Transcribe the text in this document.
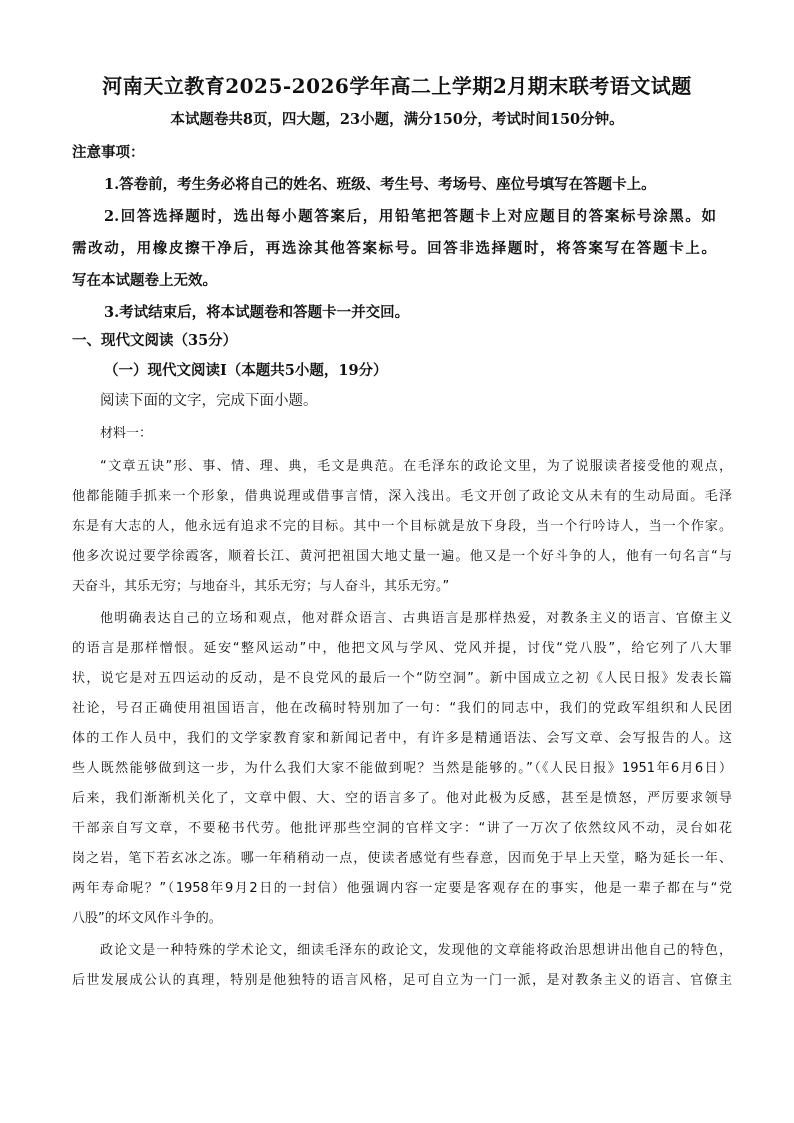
河南天立教育2025-2026学年高二上学期2月期末联考语文试题
本试题卷共8页，四大题，23小题，满分150分，考试时间150分钟。
注意事项：
1.答卷前，考生务必将自己的姓名、班级、考生号、考场号、座位号填写在答题卡上。
2.回答选择题时，选出每小题答案后，用铅笔把答题卡上对应题目的答案标号涂黑。如
需改动，用橡皮擦干净后，再选涂其他答案标号。回答非选择题时，将答案写在答题卡上。
写在本试题卷上无效。
3.考试结束后，将本试题卷和答题卡一并交回。
一、现代文阅读（35分）
（一）现代文阅读Ⅰ（本题共5小题，19分）
阅读下面的文字，完成下面小题。
材料一：
“文章五诀”形、事、情、理、典，毛文是典范。在毛泽东的政论文里，为了说服读者接受他的观点，
他都能随手抓来一个形象，借典说理或借事言情，深入浅出。毛文开创了政论文从未有的生动局面。毛泽
东是有大志的人，他永远有追求不完的目标。其中一个目标就是放下身段，当一个行吟诗人，当一个作家。
他多次说过要学徐霞客，顺着长江、黄河把祖国大地丈量一遍。他又是一个好斗争的人，他有一句名言“与
天奋斗，其乐无穷；与地奋斗，其乐无穷；与人奋斗，其乐无穷。”
他明确表达自己的立场和观点，他对群众语言、古典语言是那样热爱，对教条主义的语言、官僚主义
的语言是那样憎恨。延安“整风运动”中，他把文风与学风、党风并提，讨伐“党八股”，给它列了八大罪
状，说它是对五四运动的反动，是不良党风的最后一个“防空洞”。新中国成立之初《人民日报》发表长篇
社论，号召正确使用祖国语言，他在改稿时特别加了一句：“我们的同志中，我们的党政军组织和人民团
体的工作人员中，我们的文学家教育家和新闻记者中，有许多是精通语法、会写文章、会写报告的人。这
些人既然能够做到这一步，为什么我们大家不能做到呢？当然是能够的。”（《人民日报》1951年6月6日）
后来，我们渐渐机关化了，文章中假、大、空的语言多了。他对此极为反感，甚至是愤怒，严厉要求领导
干部亲自写文章，不要秘书代劳。他批评那些空洞的官样文字：“讲了一万次了依然纹风不动，灵台如花
岗之岩，笔下若玄冰之冻。哪一年稍稍动一点，使读者感觉有些春意，因而免于早上天堂，略为延长一年、
两年寿命呢？”（1958年9月2日的一封信）他强调内容一定要是客观存在的事实，他是一辈子都在与“党
八股”的坏文风作斗争的。
政论文是一种特殊的学术论文，细读毛泽东的政论文，发现他的文章能将政治思想讲出他自己的特色，
后世发展成公认的真理，特别是他独特的语言风格，足可自立为一门一派，是对教条主义的语言、官僚主
